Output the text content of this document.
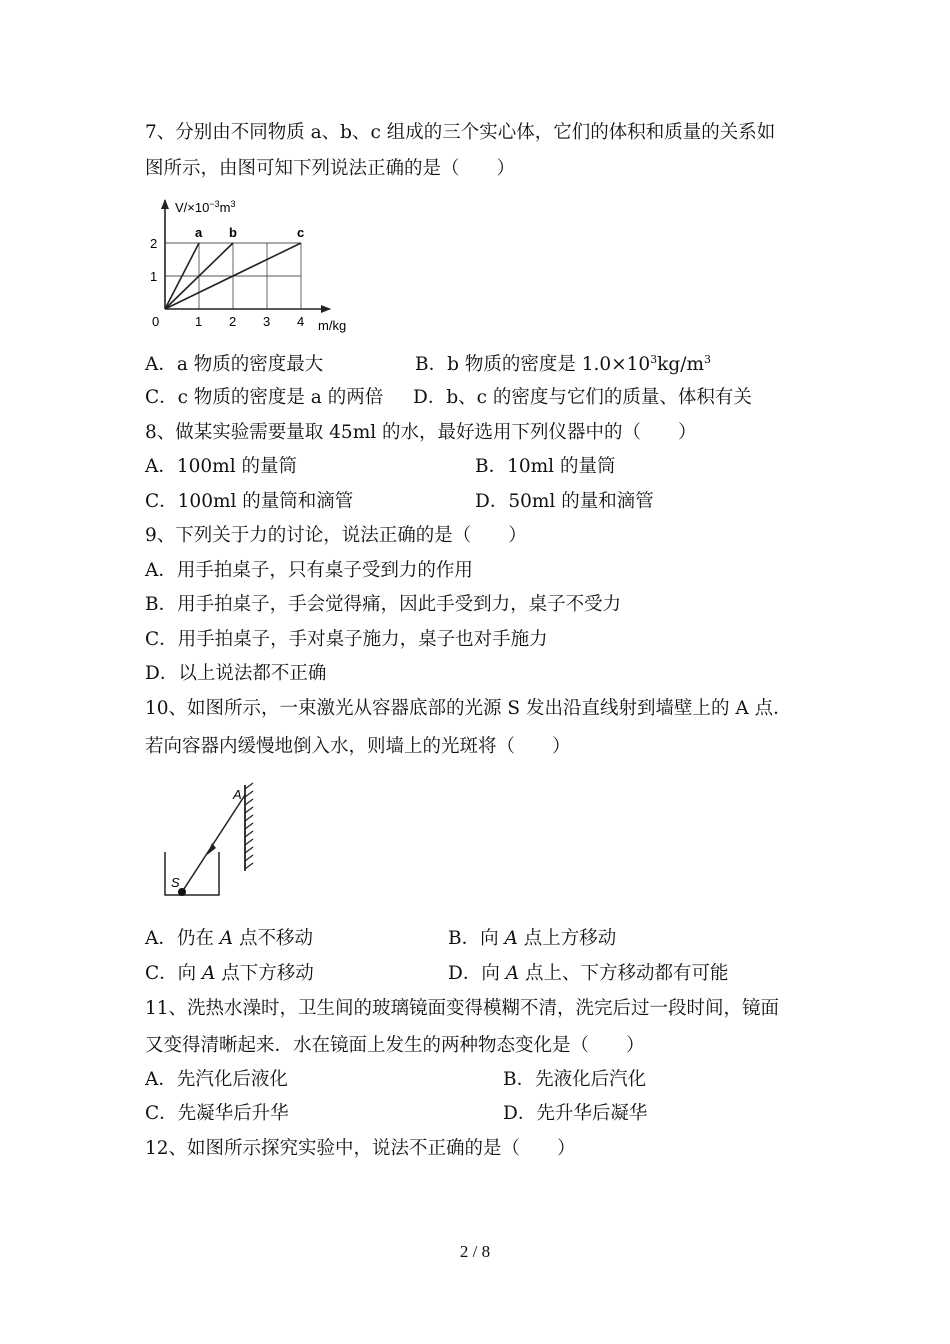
7、分别由不同物质 a、b、c 组成的三个实心体，它们的体积和质量的关系如
图所示，由图可知下列说法正确的是（　　）
a b	c
$V/\times 10^{-3}m^3$
m/kg
0	1 2 3 4
1
2
A．a 物质的密度最大	B．b 物质的密度是 $1.0\times 10^3kg/m^3$
C．c 物质的密度是 a 的两倍 D．b、c 的密度与它们的质量、体积有关
8、做某实验需要量取 45ml 的水，最好选用下列仪器中的（　　）
A．100ml 的量筒	B．10ml 的量筒
C．100ml 的量筒和滴管	D．50ml 的量和滴管
9、下列关于力的讨论，说法正确的是（　　）
A．用手拍桌子，只有桌子受到力的作用
B．用手拍桌子，手会觉得痛，因此手受到力，桌子不受力
C．用手拍桌子，手对桌子施力，桌子也对手施力
D．以上说法都不正确
10、如图所示，一束激光从容器底部的光源 S 发出沿直线射到墙壁上的 A 点．
若向容器内缓慢地倒入水，则墙上的光斑将（　　）
A
S
A．仍在 A 点不移动	B．向 A 点上方移动
C．向 A 点下方移动	D．向 A 点上、下方移动都有可能
11、洗热水澡时，卫生间的玻璃镜面变得模糊不清，洗完后过一段时间，镜面
又变得清晰起来．水在镜面上发生的两种物态变化是（　　）
A．先汽化后液化	B．先液化后汽化
C．先凝华后升华	D．先升华后凝华
12、如图所示探究实验中，说法不正确的是（　　）
2 / 8
